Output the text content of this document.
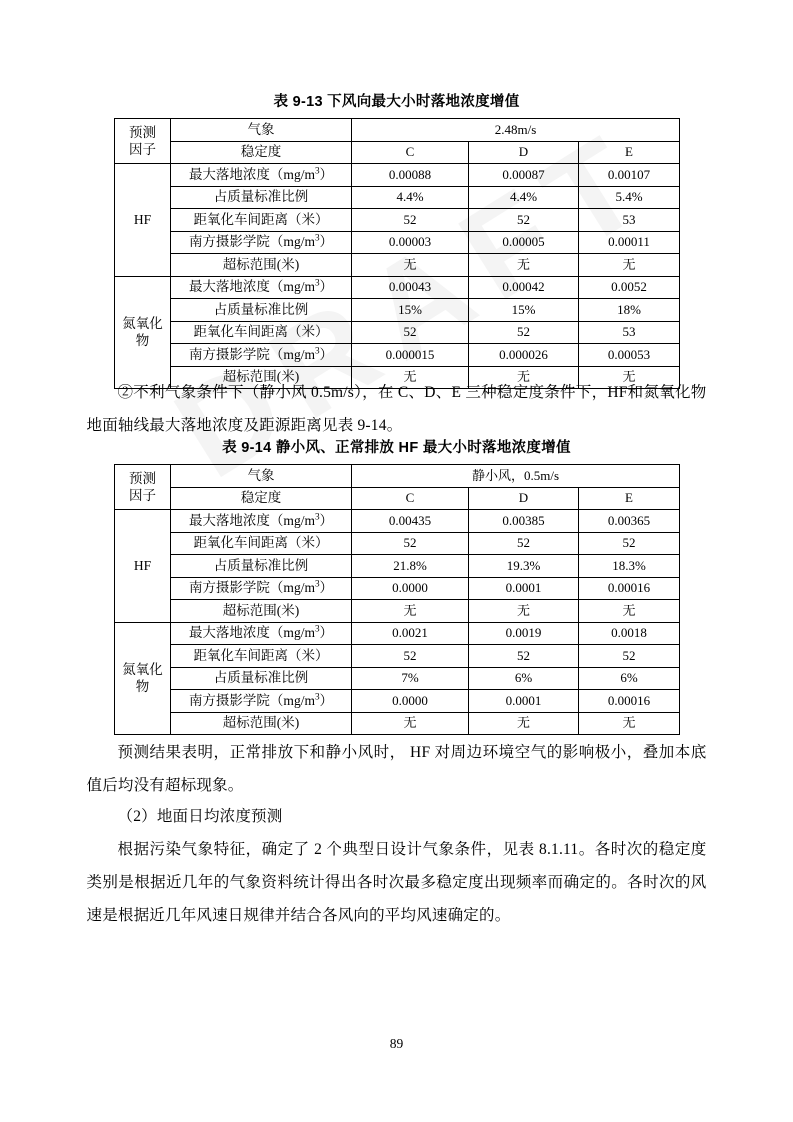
表 9-13 下风向最大小时落地浓度增值
预测
因子	气象	2.48m/s		
	稳定度	C	D	E
HF	最大落地浓度$(mg/m^3)$	0.00088	0.00087	0.00107
	占质量标准比例	4.4%	4.4%	5.4%
	距氧化车间距离（米）	52	52	53
	南方摄影学院$(mg/m^3)$	0.00003	0.00005	0.00011
	超标范围(米)	无	无	无
氮氧化物	最大落地浓度$(mg/m^3)$	0.00043	0.00042	0.0052
	占质量标准比例	15%	15%	18%
	距氧化车间距离（米）	52	52	53
	南方摄影学院$(mg/m^3)$	0.000015	0.000026	0.00053
	超标范围(米)	无	无	无

②不利气象条件下（静小风 0.5m/s），在 C、D、E 三种稳定度条件下，HF和氮氧化物地面轴线最大落地浓度及距源距离见表 9-14。

表 9-14 静小风、正常排放 HF 最大小时落地浓度增值
预测
因子	气象	静小风，0.5m/s		
	稳定度	C	D	E
HF	最大落地浓度$(mg/m^3)$	0.00435	0.00385	0.00365
	距氧化车间距离（米）	52	52	52
	占质量标准比例	21.8%	19.3%	18.3%
	南方摄影学院$(mg/m^3)$	0.0000	0.0001	0.00016
	超标范围(米)	无	无	无
氮氧化物	最大落地浓度$(mg/m^3)$	0.0021	0.0019	0.0018
	距氧化车间距离（米）	52	52	52
	占质量标准比例	7%	6%	6%
	南方摄影学院$(mg/m^3)$	0.0000	0.0001	0.00016
	超标范围(米)	无	无	无

预测结果表明，正常排放下和静小风时， HF 对周边环境空气的影响极小，叠加本底值后均没有超标现象。

（2）地面日均浓度预测

根据污染气象特征，确定了 2 个典型日设计气象条件，见表 8.1.11。各时次的稳定度类别是根据近几年的气象资料统计得出各时次最多稳定度出现频率而确定的。各时次的风速是根据近几年风速日规律并结合各风向的平均风速确定的。

89
